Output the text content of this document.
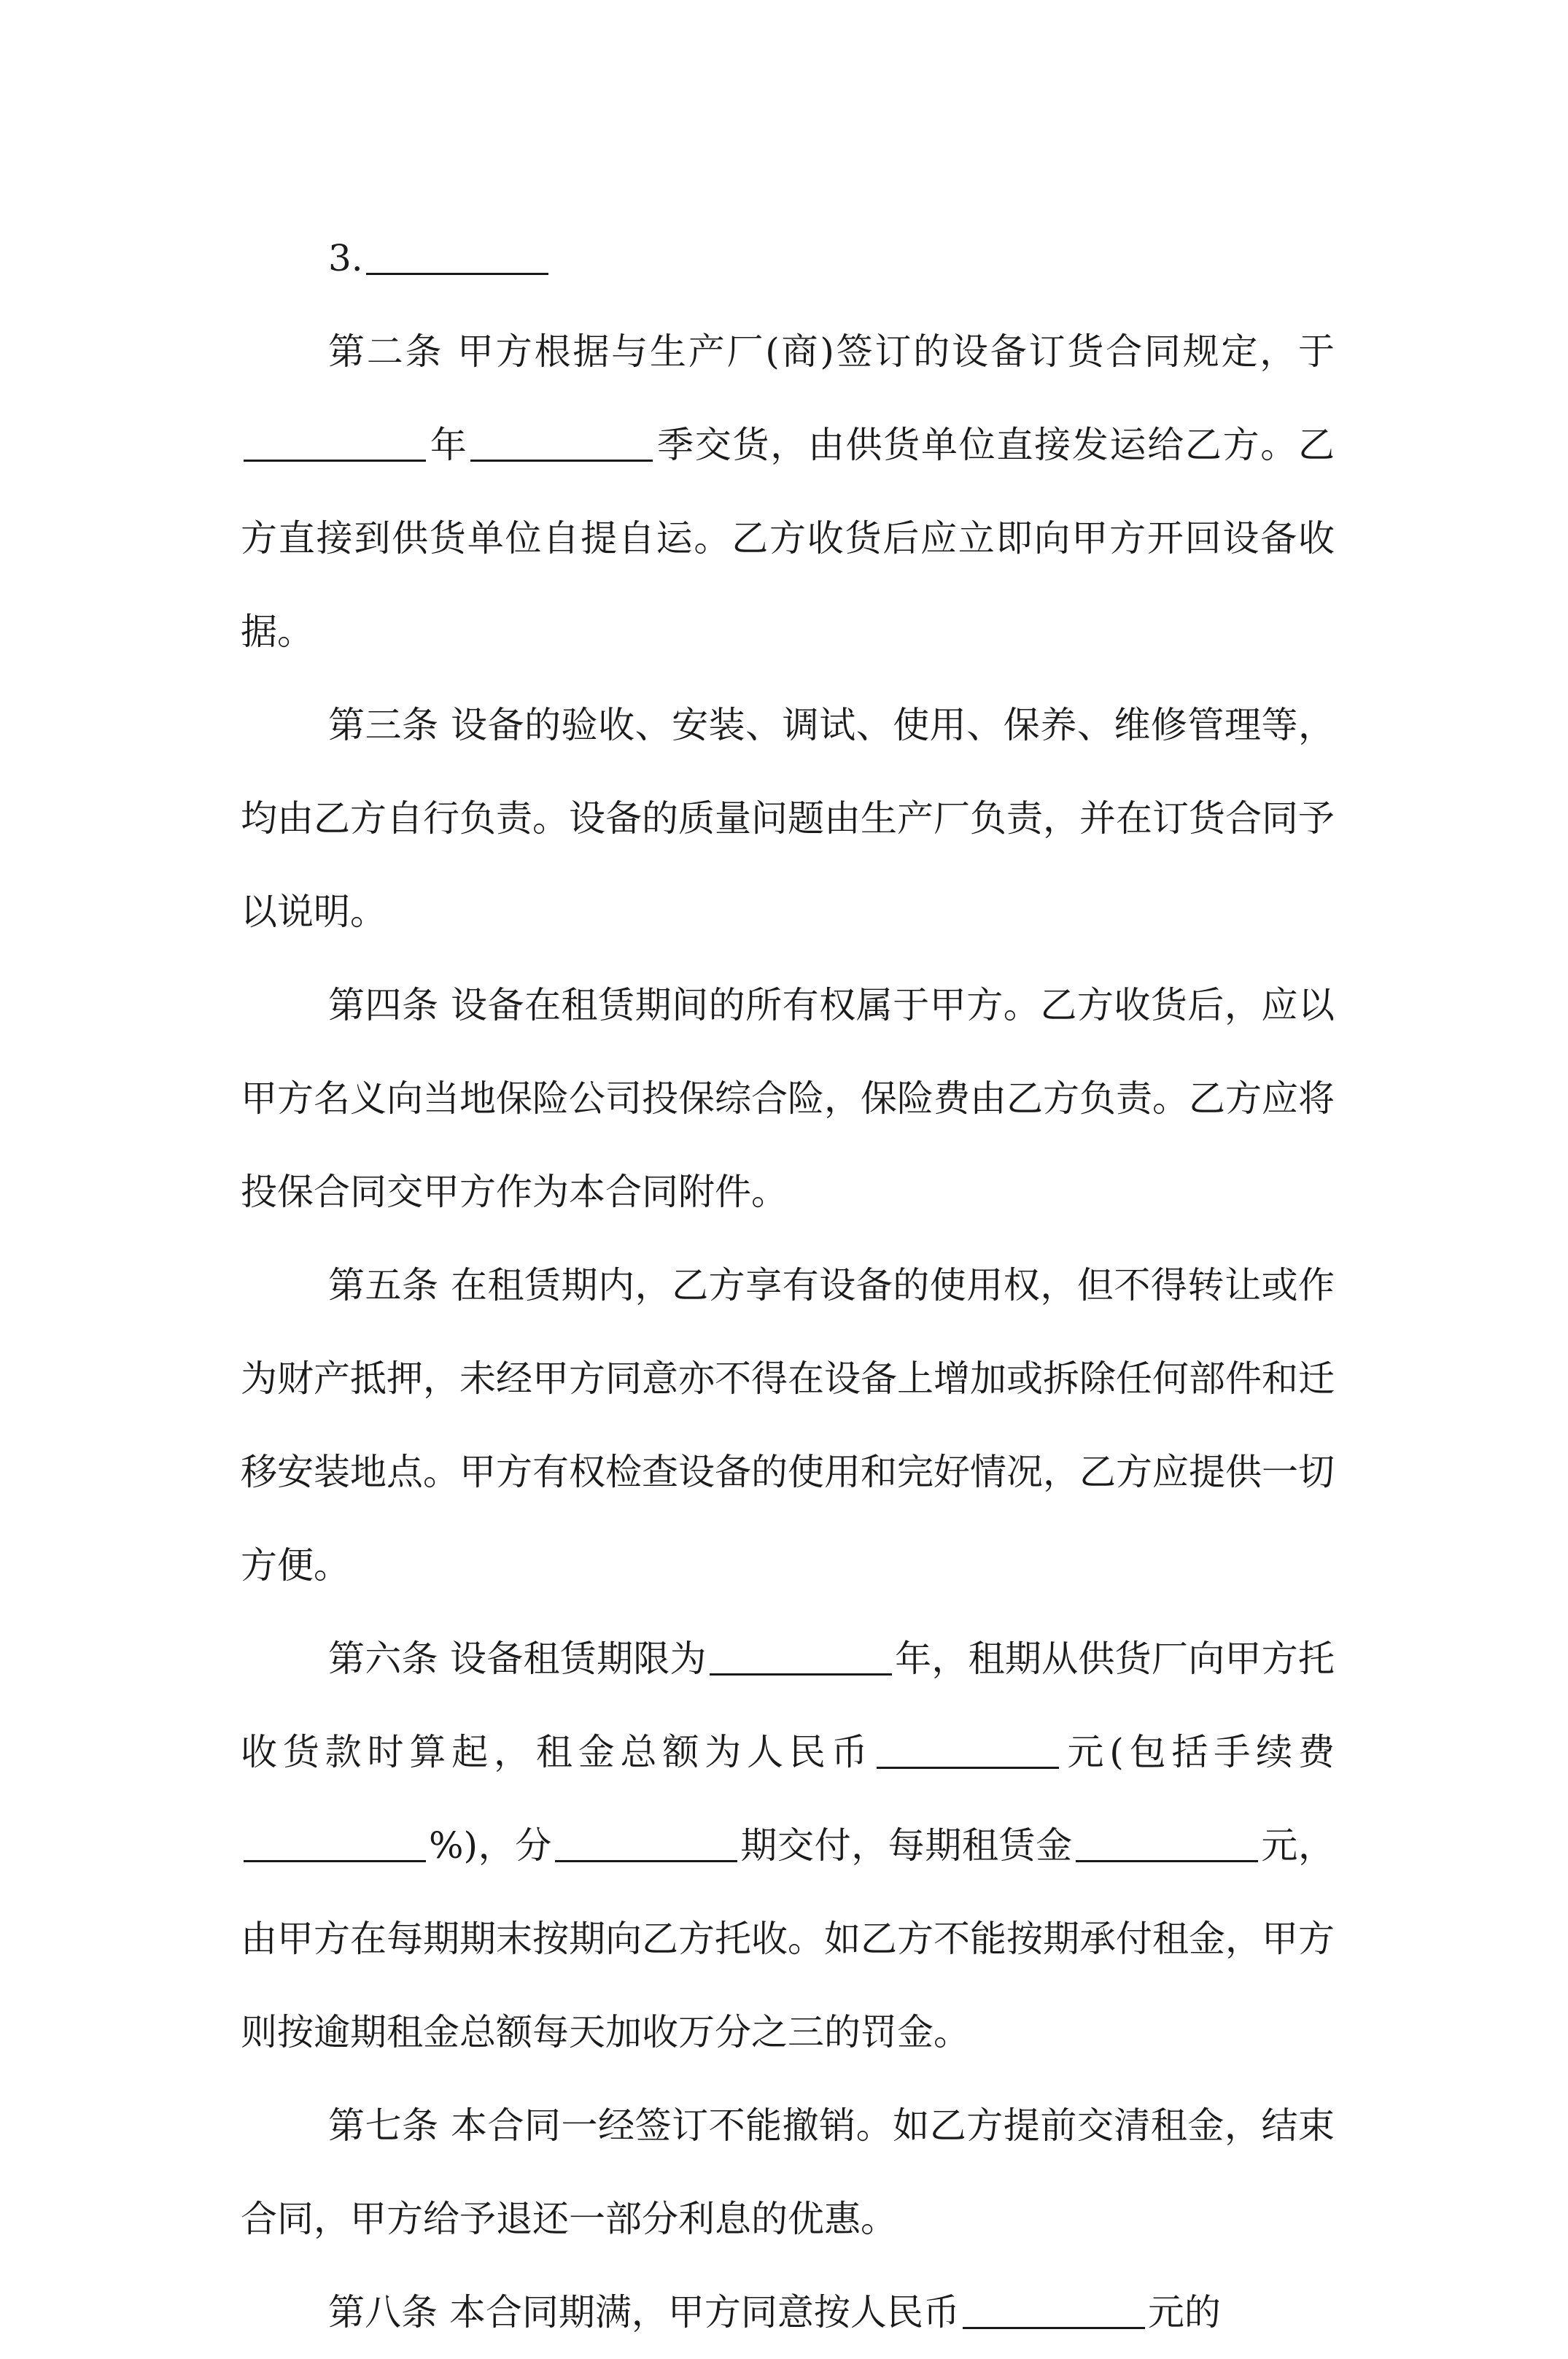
3.

第二条 甲方根据与生产厂(商)签订的设备订货合同规定，于年	季交货，由供货单位直接发运给乙方。乙方直接到供货单位自提自运。乙方收货后应立即向甲方开回设备收据。

第三条 设备的验收、安装、调试、使用、保养、维修管理等，均由乙方自行负责。设备的质量问题由生产厂负责，并在订货合同予以说明。

第四条 设备在租赁期间的所有权属于甲方。乙方收货后，应以甲方名义向当地保险公司投保综合险，保险费由乙方负责。乙方应将投保合同交甲方作为本合同附件。

第五条 在租赁期内，乙方享有设备的使用权，但不得转让或作为财产抵押，未经甲方同意亦不得在设备上增加或拆除任何部件和迁移安装地点。甲方有权检查设备的使用和完好情况，乙方应提供一切方便。

第六条 设备租赁期限为	年，租期从供货厂向甲方托收货款时算起，租金总额为人民币	元(包括手续费%)，分	期交付，每期租赁金	元，由甲方在每期期末按期向乙方托收。如乙方不能按期承付租金，甲方则按逾期租金总额每天加收万分之三的罚金。

第七条 本合同一经签订不能撤销。如乙方提前交清租金，结束合同，甲方给予退还一部分利息的优惠。

第八条 本合同期满，甲方同意按人民币	元的
